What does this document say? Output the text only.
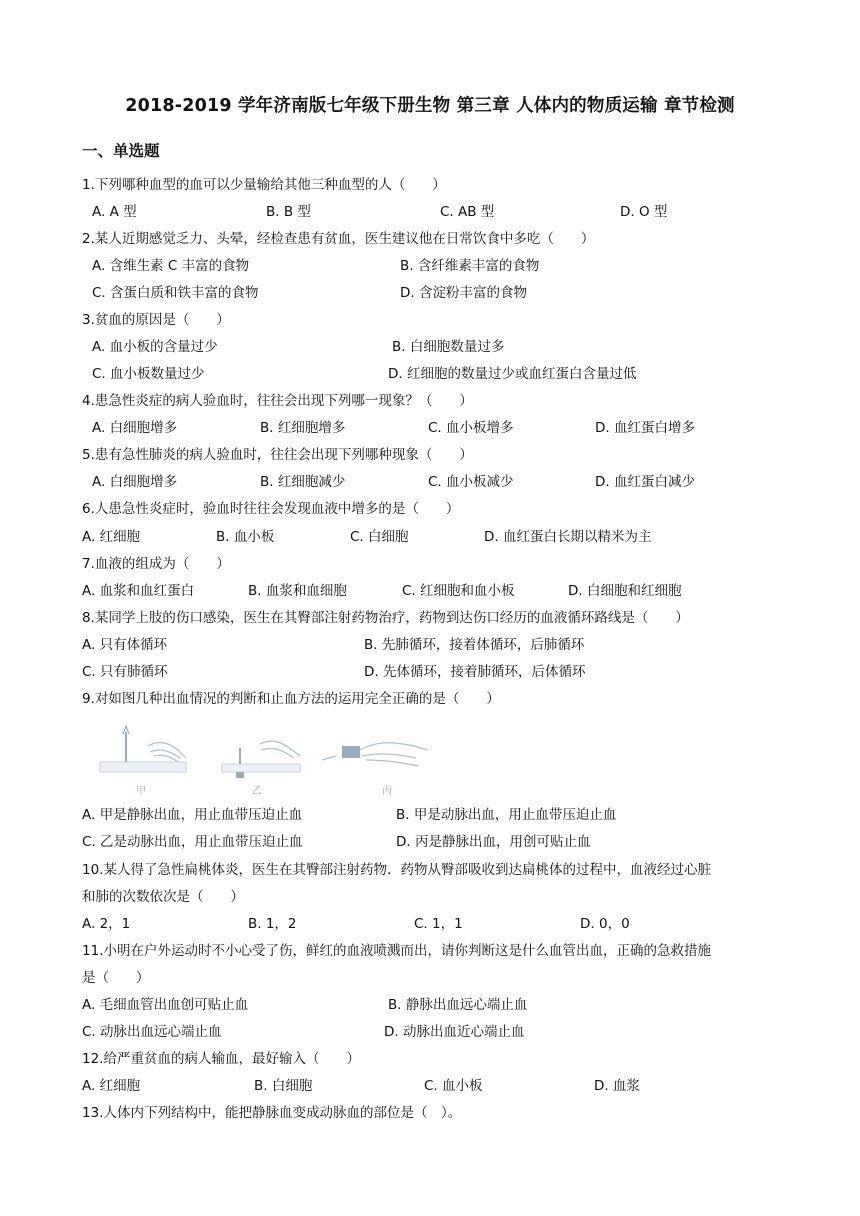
2018-2019 学年济南版七年级下册生物 第三章 人体内的物质运输 章节检测
一、单选题
1.下列哪种血型的血可以少量输给其他三种血型的人（　　）
A. A 型	B. B 型	C. AB 型	D. O 型
2.某人近期感觉乏力、头晕，经检查患有贫血，医生建议他在日常饮食中多吃（　　）
A. 含维生素 C 丰富的食物	B. 含纤维素丰富的食物
C. 含蛋白质和铁丰富的食物	D. 含淀粉丰富的食物
3.贫血的原因是（　　）
A. 血小板的含量过少	B. 白细胞数量过多
C. 血小板数量过少	D. 红细胞的数量过少或血红蛋白含量过低
4.患急性炎症的病人验血时，往往会出现下列哪一现象？（　　）
A. 白细胞增多	B. 红细胞增多	C. 血小板增多	D. 血红蛋白增多
5.患有急性肺炎的病人验血时，往往会出现下列哪种现象（　　）
A. 白细胞增多	B. 红细胞减少	C. 血小板减少	D. 血红蛋白减少
6.人患急性炎症时，验血时往往会发现血液中增多的是（　　）
A. 红细胞	B. 血小板	C. 白细胞	D. 血红蛋白长期以精米为主
7.血液的组成为（　　）
A. 血浆和血红蛋白	B. 血浆和血细胞	C. 红细胞和血小板	D. 白细胞和红细胞
8.某同学上肢的伤口感染，医生在其臀部注射药物治疗，药物到达伤口经历的血液循环路线是（　　）
A. 只有体循环	B. 先肺循环，接着体循环，后肺循环
C. 只有肺循环	D. 先体循环，接着肺循环，后体循环
9.对如图几种出血情况的判断和止血方法的运用完全正确的是（　　）
甲	乙	丙
A. 甲是静脉出血，用止血带压迫止血	B. 甲是动脉出血，用止血带压迫止血
C. 乙是动脉出血，用止血带压迫止血	D. 丙是静脉出血，用创可贴止血
10.某人得了急性扁桃体炎，医生在其臀部注射药物．药物从臀部吸收到达扁桃体的过程中，血液经过心脏
和肺的次数依次是（　　）
A. 2，1	B. 1，2	C. 1，1	D. 0，0
11.小明在户外运动时不小心受了伤，鲜红的血液喷溅而出，请你判断这是什么血管出血，正确的急救措施
是（　　）
A. 毛细血管出血创可贴止血	B. 静脉出血远心端止血
C. 动脉出血远心端止血	D. 动脉出血近心端止血
12.给严重贫血的病人输血，最好输入（　　）
A. 红细胞	B. 白细胞	C. 血小板	D. 血浆
13.人体内下列结构中，能把静脉血变成动脉血的部位是（　）。
